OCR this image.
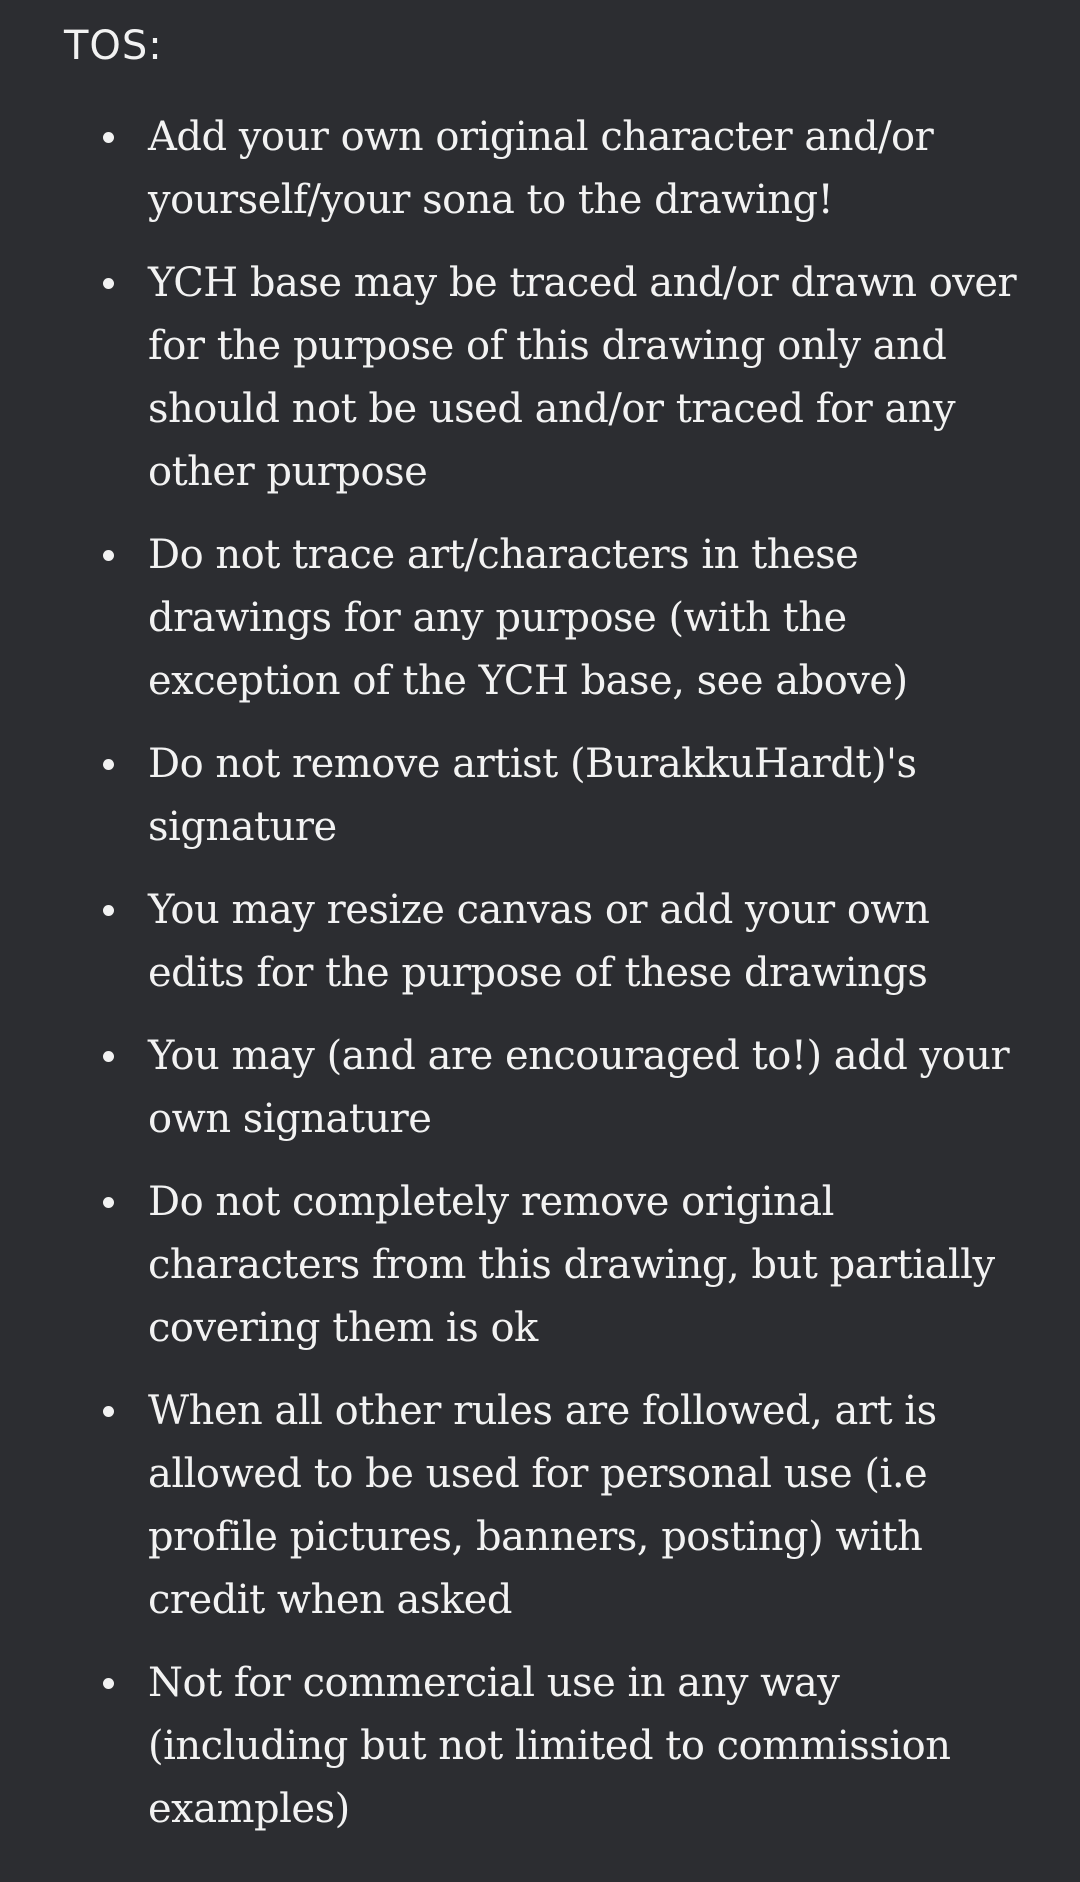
TOS:
Add your own original character and/or yourself/your sona to the drawing!
YCH base may be traced and/or drawn over for the purpose of this drawing only and should not be used and/or traced for any other purpose
Do not trace art/characters in these drawings for any purpose (with the exception of the YCH base, see above)
Do not remove artist (BurakkuHardt)'s signature
You may resize canvas or add your own edits for the purpose of these drawings
You may (and are encouraged to!) add your own signature
Do not completely remove original characters from this drawing, but partially covering them is ok
When all other rules are followed, art is allowed to be used for personal use (i.e profile pictures, banners, posting) with credit when asked
Not for commercial use in any way (including but not limited to commission examples)
